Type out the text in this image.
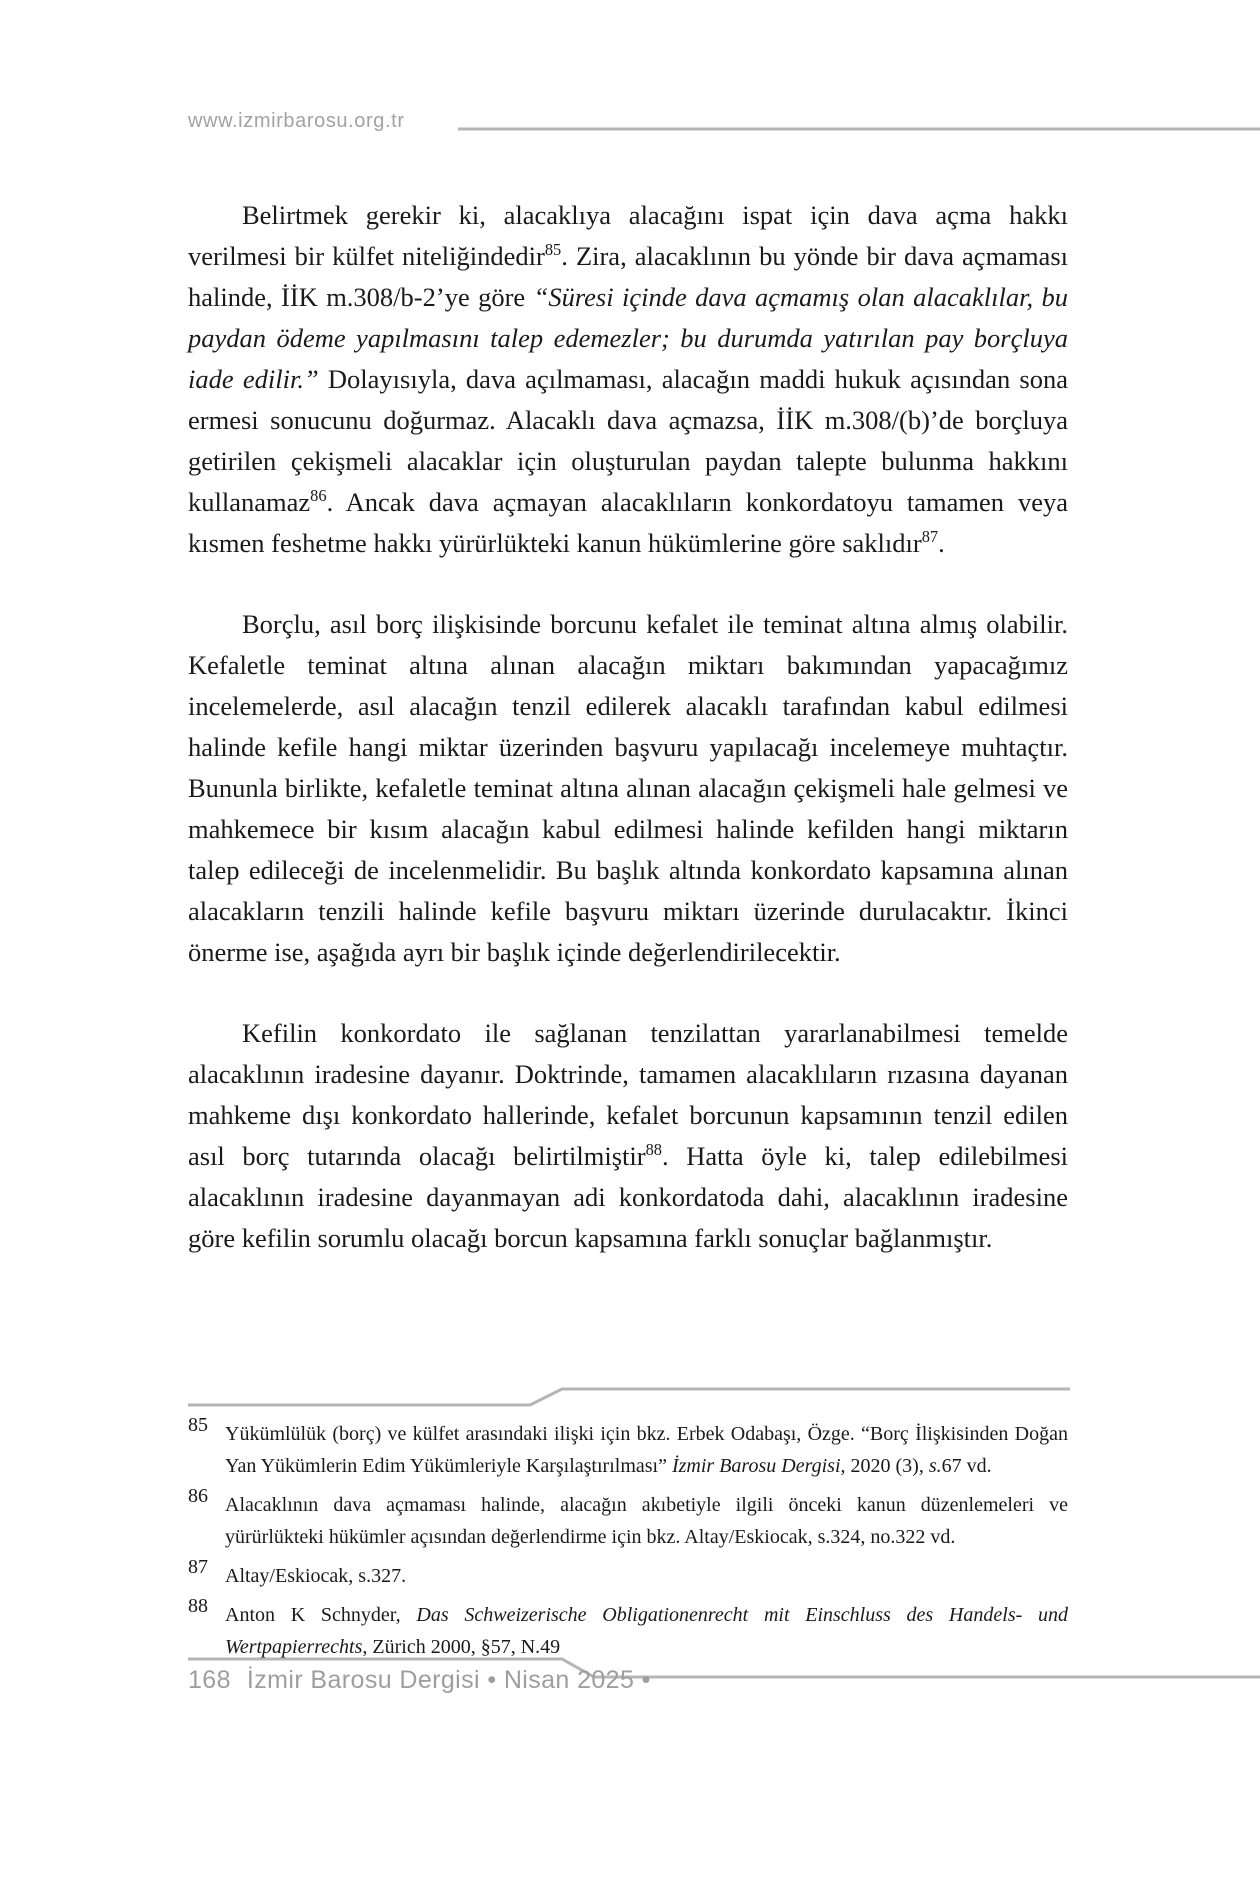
www.izmirbarosu.org.tr

Belirtmek gerekir ki, alacaklıya alacağını ispat için dava açma hakkı verilmesi bir külfet niteliğindedir$^{85}$. Zira, alacaklının bu yönde bir dava açmaması halinde, İİK m.308/b-2’ye göre “Süresi içinde dava açmamış olan alacaklılar, bu paydan ödeme yapılmasını talep edemezler; bu durumda yatırılan pay borçluya iade edilir.” Dolayısıyla, dava açılmaması, alacağın maddi hukuk açısından sona ermesi sonucunu doğurmaz. Alacaklı dava açmazsa, İİK m.308/(b)’de borçluya getirilen çekişmeli alacaklar için oluşturulan paydan talepte bulunma hakkını kullanamaz$^{86}$. Ancak dava açmayan alacaklıların konkordatoyu tamamen veya kısmen feshetme hakkı yürürlükteki kanun hükümlerine göre saklıdır$^{87}$.

Borçlu, asıl borç ilişkisinde borcunu kefalet ile teminat altına almış olabilir. Kefaletle teminat altına alınan alacağın miktarı bakımından yapacağımız incelemelerde, asıl alacağın tenzil edilerek alacaklı tarafından kabul edilmesi halinde kefile hangi miktar üzerinden başvuru yapılacağı incelemeye muhtaçtır. Bununla birlikte, kefaletle teminat altına alınan alacağın çekişmeli hale gelmesi ve mahkemece bir kısım alacağın kabul edilmesi halinde kefilden hangi miktarın talep edileceği de incelenmelidir. Bu başlık altında konkordato kapsamına alınan alacakların tenzili halinde kefile başvuru miktarı üzerinde durulacaktır. İkinci önerme ise, aşağıda ayrı bir başlık içinde değerlendirilecektir.

Kefilin konkordato ile sağlanan tenzilattan yararlanabilmesi temelde alacaklının iradesine dayanır. Doktrinde, tamamen alacaklıların rızasına dayanan mahkeme dışı konkordato hallerinde, kefalet borcunun kapsamının tenzil edilen asıl borç tutarında olacağı belirtilmiştir$^{88}$. Hatta öyle ki, talep edilebilmesi alacaklının iradesine dayanmayan adi konkordatoda dahi, alacaklının iradesine göre kefilin sorumlu olacağı borcun kapsamına farklı sonuçlar bağlanmıştır.

85 Yükümlülük (borç) ve külfet arasındaki ilişki için bkz. Erbek Odabaşı, Özge. “Borç İlişkisinden Doğan Yan Yükümlerin Edim Yükümleriyle Karşılaştırılması” İzmir Barosu Dergisi, 2020 (3), s.67 vd.
86 Alacaklının dava açmaması halinde, alacağın akıbetiyle ilgili önceki kanun düzenlemeleri ve yürürlükteki hükümler açısından değerlendirme için bkz. Altay/Eskiocak, s.324, no.322 vd.
87 Altay/Eskiocak, s.327.
88 Anton K Schnyder, Das Schweizerische Obligationenrecht mit Einschluss des Handels- und Wertpapierrechts, Zürich 2000, §57, N.49
168 İzmir Barosu Dergisi • Nisan 2025 •
